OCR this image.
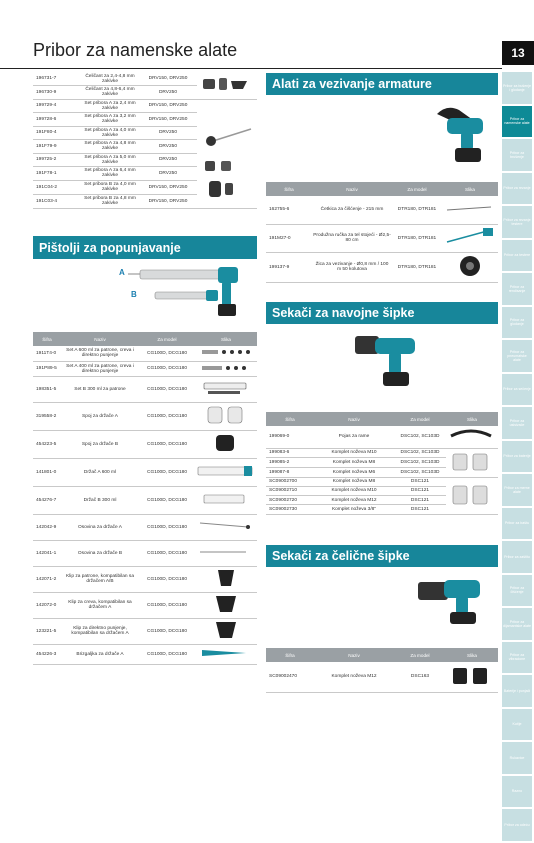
Pribor za namenske alate	13
Pribor za bušenje i glodanje
Pribor za namenske alate
Pribor za brušenje
Pribor za rezanje
Pribor za rezanje testere
Pribor za testere
Pribor za rendisanje
Pribor za glodanje
Pribor za pneumatske alate
Pribor za sečenje
Pribor za usisivače
Pribor za baterije
Pribor za merne alate
Pribor za baštu
Pribor za zaštitu
Pribor za čišćenje
Pribor za dijamantske alate
Pribor za vibracione
Baterije i punjači
Kutije
Rukavice
Razno
Pribor za odeću
196731-7	Čeličant za 2,4-4,8 mm zakivke	DRV150, DRV250	
196730-9	Čeličant za 4,8-6,4 mm zakivke	DRV250	
199729-4	Set pribora A za 2,4 mm zakivke	DRV150, DRV250	
199728-6	Set pribora A za 3,2 mm zakivke	DRV150, DRV250	
191F80-4	Set pribora A za 4,0 mm zakivke	DRV250	
191F79-9	Set pribora A za 4,8 mm zakivke	DRV250	
199725-2	Set pribora A za 5,0 mm zakivke	DRV250	
191F78-1	Set pribora A za 6,4 mm zakivke	DRV250	
191C04-2	Set pribora B za 4,0 mm zakivke	DRV150, DRV250	
191C03-4	Set pribora B za 4,8 mm zakivke	DRV150, DRV250	
Pištolji za popunjavanje
A
B
Šifra	Naziv	Za model	Slika
1911T4-0	Set A 600 ml za patrone, creva i direktno punjenje	CG100D, DCG180	
191P89-5	Set A 400 ml za patrone, creva i direktno punjenje	CG100D, DCG180	
198351-5	Set B 300 ml za patrone	CG100D, DCG180	
319558-2	Spoj za držače A	CG100D, DCG180	
454223-5	Spoj za držače B	CG100D, DCG180	
141801-0	Držač A 600 ml	CG100D, DCG180	
454276-7	Držač B 300 ml	CG100D, DCG180	
142042-9	Osovina za držače A	CG100D, DCG180	
142041-1	Osovina za držače B	CG100D, DCG180	
142071-2	Klip za patrone, kompatibilan sa držačem A/B	CG100D, DCG180	
142072-0	Klip za creva, kompatibilan sa držačem A	CG100D, DCG180	
123221-5	Klip za direktno punjenje, kompatibilan sa držačem A	CG100D, DCG180	
454226-3	Brizgaljka za držače A	CG100D, DCG180	
Alati za vezivanje armature
Šifra	Naziv	Za model	Slika
162755-6	Četkica za čišćenje - 215 mm	DTR180, DTR181	
191M27-0	Produžna ručka za tel stojeći - Ø2,5-80 cm	DTR180, DTR181	
199137-9	Žica za vezivanje - Ø0,8 mm / 100 m 50 kolutova	DTR180, DTR181	
Sekači za navojne šipke
Šifra	Naziv	Za model	Slika
199069-0	Pojas za rame	DSC102, SC103D	
199083-6	Komplet noževa M10	DSC102, SC103D	
199085-2	Komplet noževa M8	DSC102, SC103D	
199087-8	Komplet noževa M6	DSC102, SC103D	
SC09002700	Komplet noževa M8	DSC121	
SC09002710	Komplet noževa M10	DSC121	
SC09002720	Komplet noževa M12	DSC121	
SC09002730	Komplet noževa 3/8"	DSC121	
Sekači za čelične šipke
Šifra	Naziv	Za model	Slika
SC09002470	Komplet noževa M12	DSC163	
